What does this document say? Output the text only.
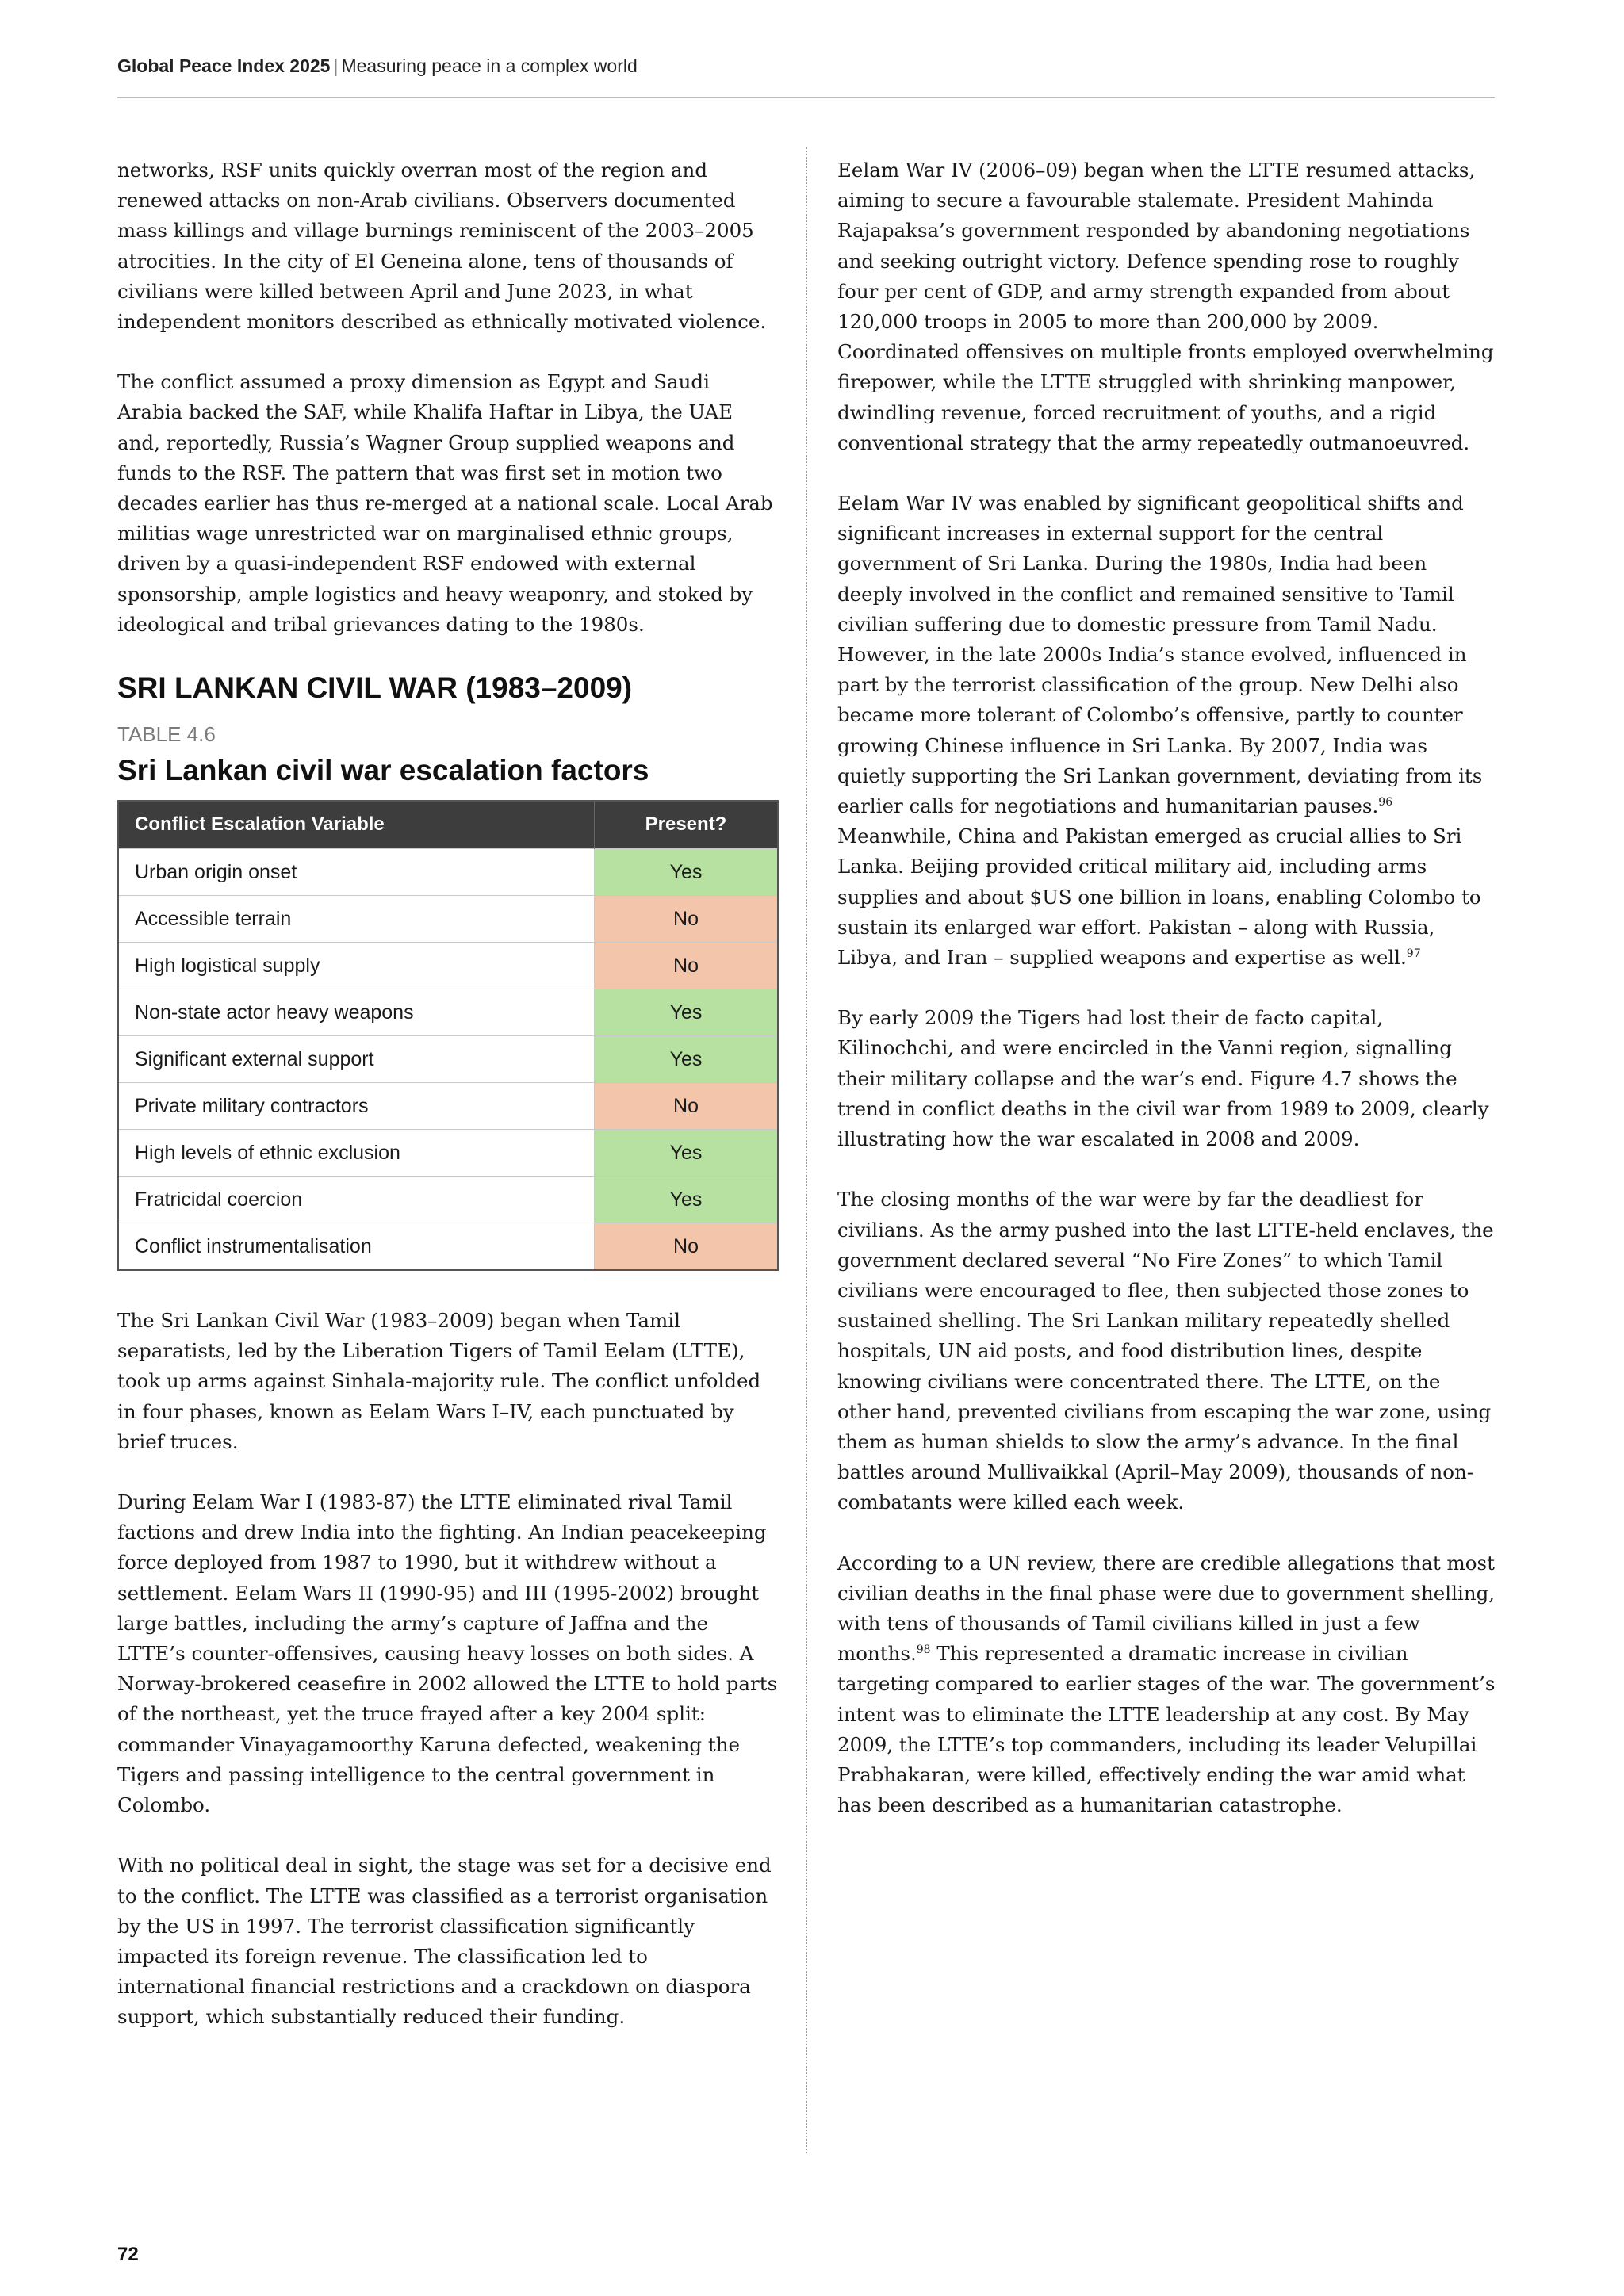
Global Peace Index 2025 | Measuring peace in a complex world

networks, RSF units quickly overran most of the region and renewed attacks on non-Arab civilians. Observers documented mass killings and village burnings reminiscent of the 2003–2005 atrocities. In the city of El Geneina alone, tens of thousands of civilians were killed between April and June 2023, in what independent monitors described as ethnically motivated violence.

The conflict assumed a proxy dimension as Egypt and Saudi Arabia backed the SAF, while Khalifa Haftar in Libya, the UAE and, reportedly, Russia’s Wagner Group supplied weapons and funds to the RSF. The pattern that was first set in motion two decades earlier has thus re-merged at a national scale. Local Arab militias wage unrestricted war on marginalised ethnic groups, driven by a quasi-independent RSF endowed with external sponsorship, ample logistics and heavy weaponry, and stoked by ideological and tribal grievances dating to the 1980s.

SRI LANKAN CIVIL WAR (1983–2009)
TABLE 4.6
Sri Lankan civil war escalation factors
Conflict Escalation Variable	Present?
Urban origin onset	Yes
Accessible terrain	No
High logistical supply	No
Non-state actor heavy weapons	Yes
Significant external support	Yes
Private military contractors	No
High levels of ethnic exclusion	Yes
Fratricidal coercion	Yes
Conflict instrumentalisation	No

The Sri Lankan Civil War (1983–2009) began when Tamil separatists, led by the Liberation Tigers of Tamil Eelam (LTTE), took up arms against Sinhala-majority rule. The conflict unfolded in four phases, known as Eelam Wars I–IV, each punctuated by brief truces.

During Eelam War I (1983-87) the LTTE eliminated rival Tamil factions and drew India into the fighting. An Indian peacekeeping force deployed from 1987 to 1990, but it withdrew without a settlement. Eelam Wars II (1990-95) and III (1995-2002) brought large battles, including the army’s capture of Jaffna and the LTTE’s counter-offensives, causing heavy losses on both sides. A Norway-brokered ceasefire in 2002 allowed the LTTE to hold parts of the northeast, yet the truce frayed after a key 2004 split: commander Vinayagamoorthy Karuna defected, weakening the Tigers and passing intelligence to the central government in Colombo.

With no political deal in sight, the stage was set for a decisive end to the conflict. The LTTE was classified as a terrorist organisation by the US in 1997. The terrorist classification significantly impacted its foreign revenue. The classification led to international financial restrictions and a crackdown on diaspora support, which substantially reduced their funding.

Eelam War IV (2006–09) began when the LTTE resumed attacks, aiming to secure a favourable stalemate. President Mahinda Rajapaksa’s government responded by abandoning negotiations and seeking outright victory. Defence spending rose to roughly four per cent of GDP, and army strength expanded from about 120,000 troops in 2005 to more than 200,000 by 2009. Coordinated offensives on multiple fronts employed overwhelming firepower, while the LTTE struggled with shrinking manpower, dwindling revenue, forced recruitment of youths, and a rigid conventional strategy that the army repeatedly outmanoeuvred.

Eelam War IV was enabled by significant geopolitical shifts and significant increases in external support for the central government of Sri Lanka. During the 1980s, India had been deeply involved in the conflict and remained sensitive to Tamil civilian suffering due to domestic pressure from Tamil Nadu. However, in the late 2000s India’s stance evolved, influenced in part by the terrorist classification of the group. New Delhi also became more tolerant of Colombo’s offensive, partly to counter growing Chinese influence in Sri Lanka. By 2007, India was quietly supporting the Sri Lankan government, deviating from its earlier calls for negotiations and humanitarian pauses.$^{96}$ Meanwhile, China and Pakistan emerged as crucial allies to Sri Lanka. Beijing provided critical military aid, including arms supplies and about $US one billion in loans, enabling Colombo to sustain its enlarged war effort. Pakistan – along with Russia, Libya, and Iran – supplied weapons and expertise as well.$^{97}$

By early 2009 the Tigers had lost their de facto capital, Kilinochchi, and were encircled in the Vanni region, signalling their military collapse and the war’s end. Figure 4.7 shows the trend in conflict deaths in the civil war from 1989 to 2009, clearly illustrating how the war escalated in 2008 and 2009.

The closing months of the war were by far the deadliest for civilians. As the army pushed into the last LTTE-held enclaves, the government declared several “No Fire Zones” to which Tamil civilians were encouraged to flee, then subjected those zones to sustained shelling. The Sri Lankan military repeatedly shelled hospitals, UN aid posts, and food distribution lines, despite knowing civilians were concentrated there. The LTTE, on the other hand, prevented civilians from escaping the war zone, using them as human shields to slow the army’s advance. In the final battles around Mullivaikkal (April–May 2009), thousands of non-combatants were killed each week.

According to a UN review, there are credible allegations that most civilian deaths in the final phase were due to government shelling, with tens of thousands of Tamil civilians killed in just a few months.$^{98}$ This represented a dramatic increase in civilian targeting compared to earlier stages of the war. The government’s intent was to eliminate the LTTE leadership at any cost. By May 2009, the LTTE’s top commanders, including its leader Velupillai Prabhakaran, were killed, effectively ending the war amid what has been described as a humanitarian catastrophe.

72
